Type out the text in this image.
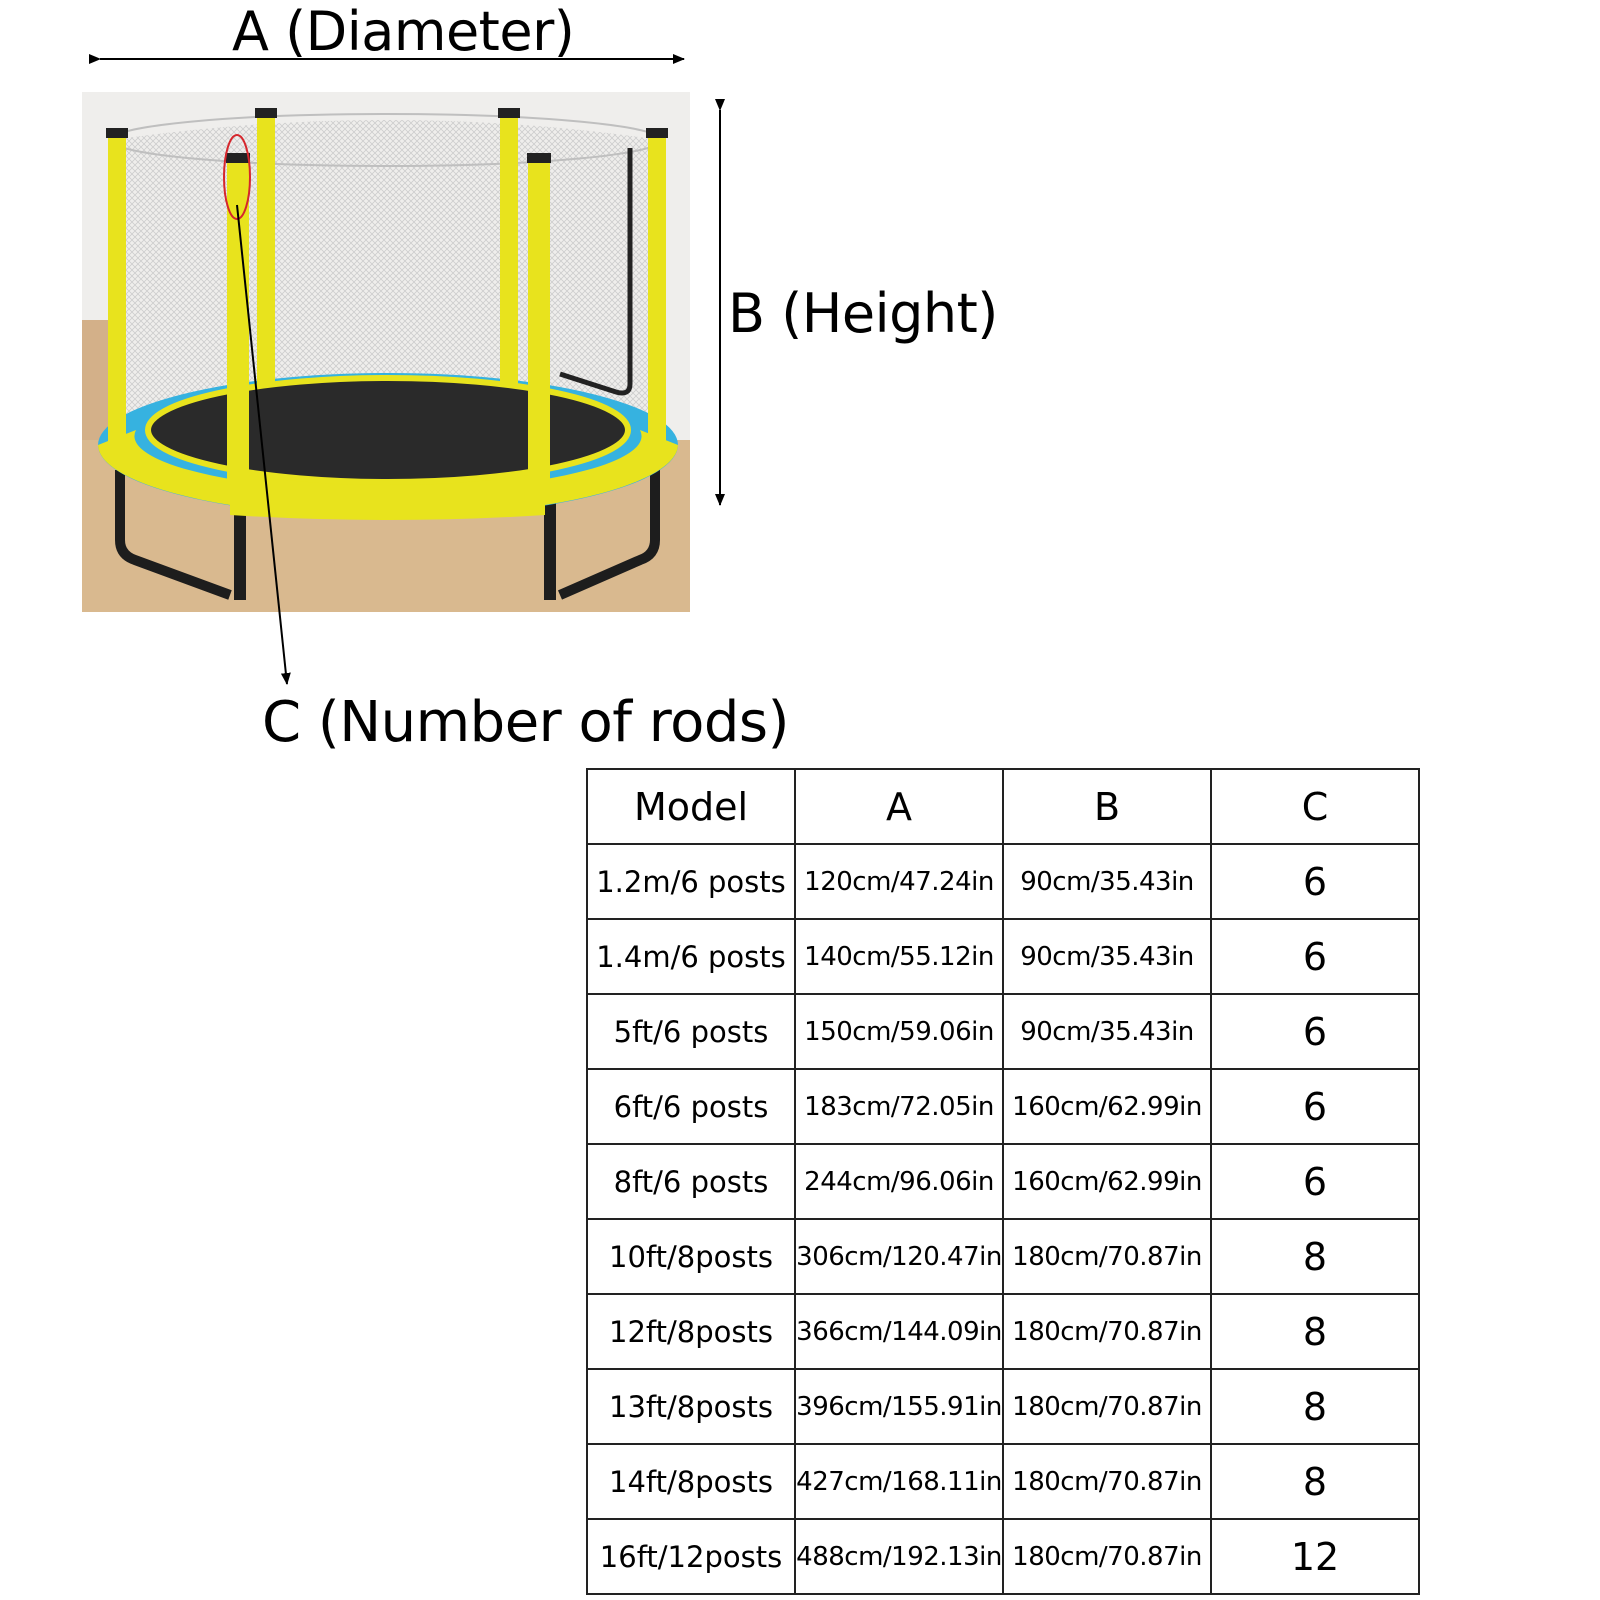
A (Diameter)
B (Height)
C (Number of rods)
Model	A	B	C
1.2m/6 posts	120cm/47.24in	90cm/35.43in	6
1.4m/6 posts	140cm/55.12in	90cm/35.43in	6
5ft/6 posts	150cm/59.06in	90cm/35.43in	6
6ft/6 posts	183cm/72.05in	160cm/62.99in	6
8ft/6 posts	244cm/96.06in	160cm/62.99in	6
10ft/8posts	306cm/120.47in	180cm/70.87in	8
12ft/8posts	366cm/144.09in	180cm/70.87in	8
13ft/8posts	396cm/155.91in	180cm/70.87in	8
14ft/8posts	427cm/168.11in	180cm/70.87in	8
16ft/12posts	488cm/192.13in	180cm/70.87in	12
